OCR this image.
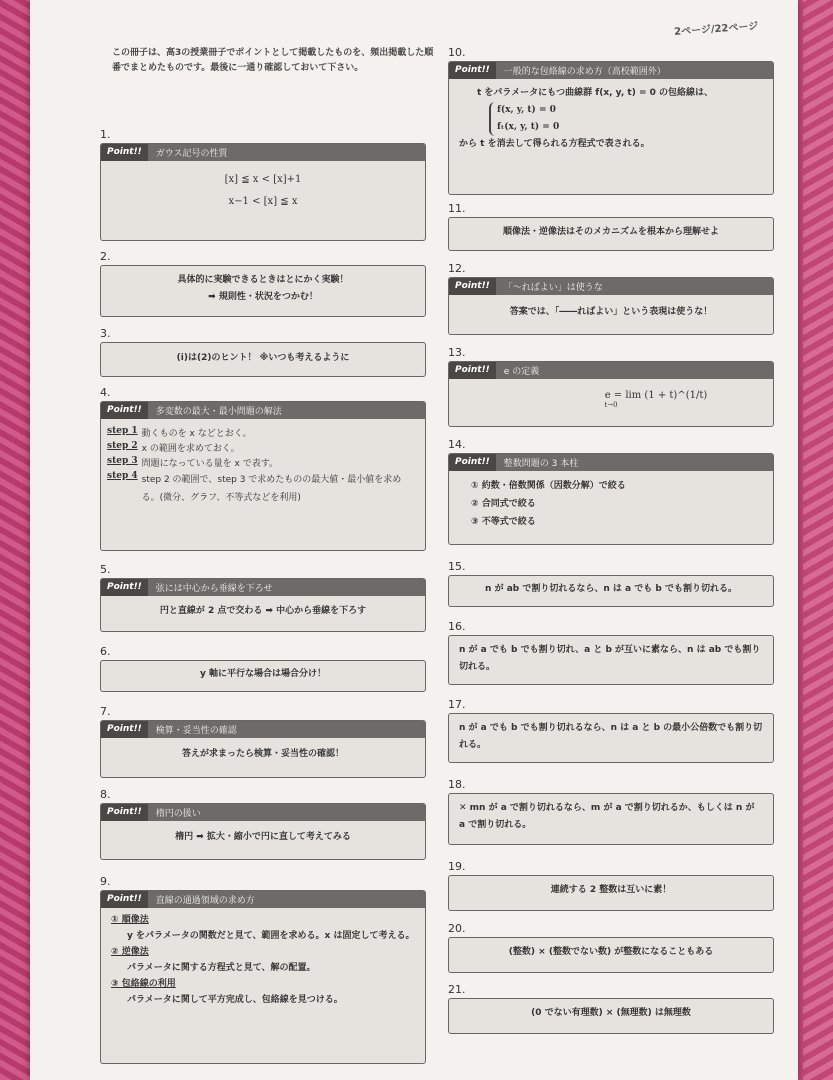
2ページ/22ページ
この冊子は、高3の授業冊子でポイントとして掲載したものを、頻出掲載した順番でまとめたものです。最後に一通り確認しておいて下さい。
1.
Point!!	ガウス記号の性質
[x] ≦ x < [x]+1
x−1 < [x] ≦ x
2.
具体的に実験できるときはとにかく実験！
➡ 規則性・状況をつかむ！
3.
(i)は(2)のヒント！ ※いつも考えるように
4.
Point!!	多変数の最大・最小問題の解法
step 1	動くものを x などとおく。
step 2	x の範囲を求めておく。
step 3	問題になっている量を x で表す。
step 4	step 2 の範囲で、step 3 で求めたものの最大値・最小値を求める。(微分、グラフ、不等式などを利用)
5.
Point!!	弦には中心から垂線を下ろせ
円と直線が 2 点で交わる ➡ 中心から垂線を下ろす
6.
y 軸に平行な場合は場合分け！
7.
Point!!	検算・妥当性の確認
答えが求まったら検算・妥当性の確認！
8.
Point!!	楕円の扱い
楕円 ➡ 拡大・縮小で円に直して考えてみる
9.
Point!!	直線の通過領域の求め方
① 順像法
y をパラメータの関数だと見て、範囲を求める。x は固定して考える。
② 逆像法
パラメータに関する方程式と見て、解の配置。
③ 包絡線の利用
パラメータに関して平方完成し、包絡線を見つける。
10.
Point!!	一般的な包絡線の求め方（高校範囲外）
t をパラメータにもつ曲線群 f(x, y, t) = 0 の包絡線は、
f(x, y, t) = 0
fₜ(x, y, t) = 0
から t を消去して得られる方程式で表される。
11.
順像法・逆像法はそのメカニズムを根本から理解せよ
12.
Point!!	「〜ればよい」は使うな
答案では、「――ればよい」という表現は使うな！
13.
Point!!	e の定義
e = lim (1 + t)^(1/t)
t→0
14.
Point!!	整数問題の 3 本柱
① 約数・倍数関係（因数分解）で絞る
② 合同式で絞る
③ 不等式で絞る
15.
n が ab で割り切れるなら、n は a でも b でも割り切れる。
16.
n が a でも b でも割り切れ、a と b が互いに素なら、n は ab でも割り切れる。
17.
n が a でも b でも割り切れるなら、n は a と b の最小公倍数でも割り切れる。
18.
✕ mn が a で割り切れるなら、m が a で割り切れるか、もしくは n が a で割り切れる。
19.
連続する 2 整数は互いに素！
20.
(整数) × (整数でない数) が整数になることもある
21.
(0 でない有理数) × (無理数) は無理数
